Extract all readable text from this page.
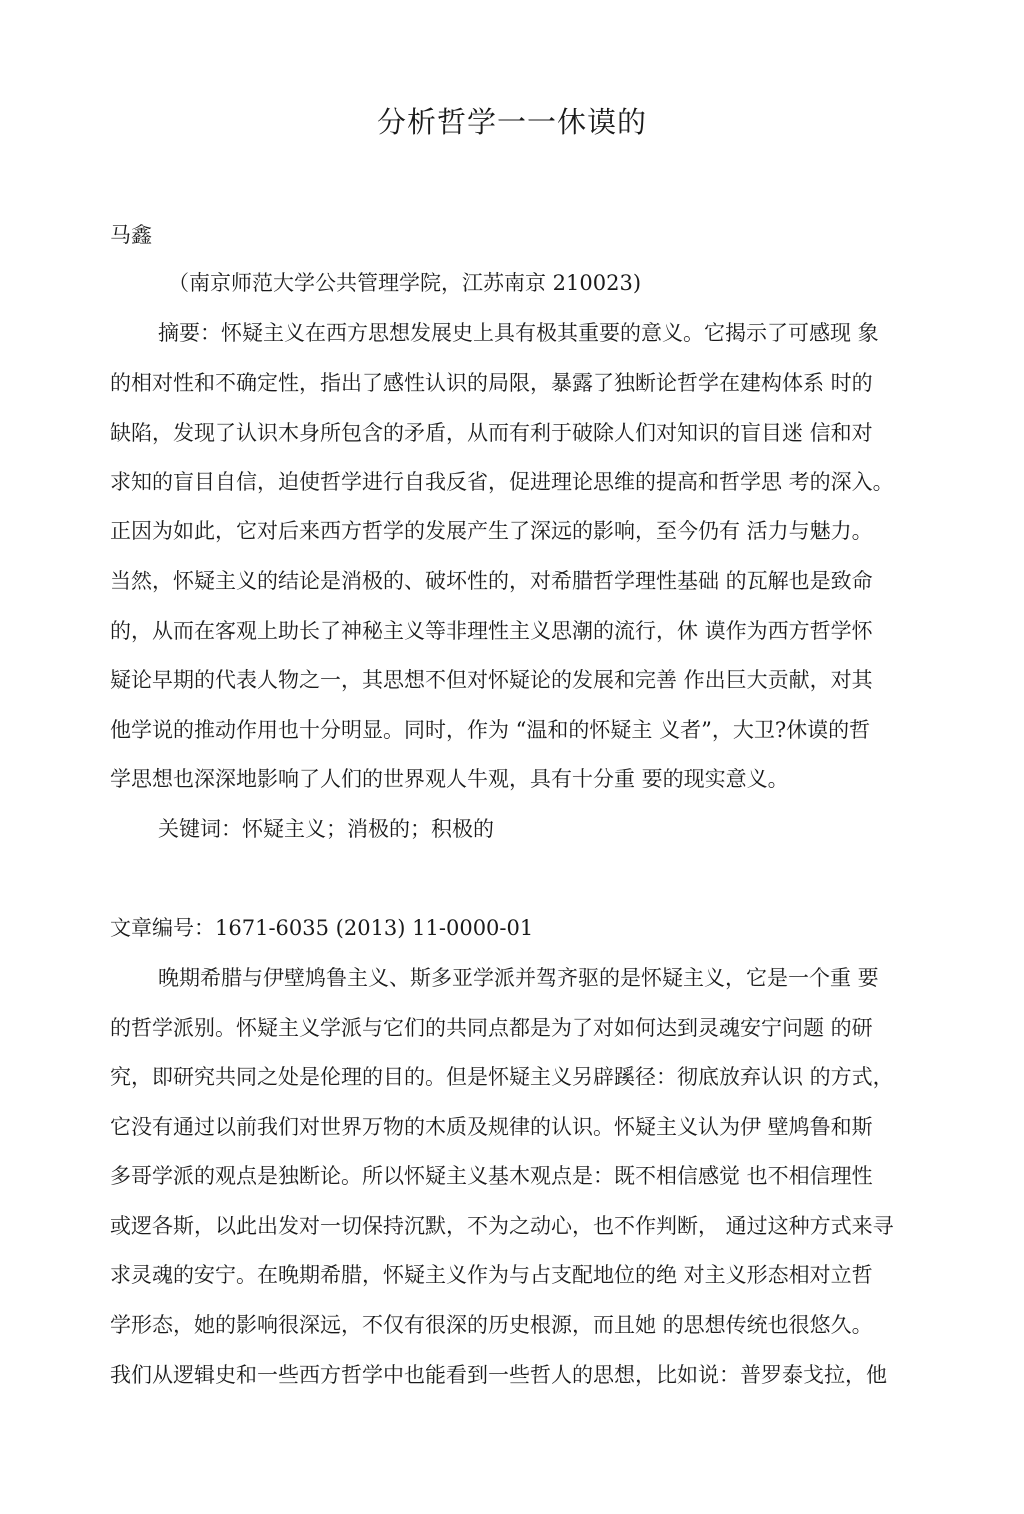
分析哲学一一休谟的
马鑫
（南京师范大学公共管理学院，江苏南京 210023)
摘要：怀疑主义在西方思想发展史上具有极其重要的意义。它揭示了可感现 象
的相对性和不确定性，指出了感性认识的局限，暴露了独断论哲学在建构体系 时的
缺陷，发现了认识木身所包含的矛盾，从而有利于破除人们对知识的盲目迷 信和对
求知的盲目自信，迫使哲学进行自我反省，促进理论思维的提高和哲学思 考的深入。
正因为如此，它对后来西方哲学的发展产生了深远的影响，至今仍有 活力与魅力。
当然，怀疑主义的结论是消极的、破坏性的，对希腊哲学理性基础 的瓦解也是致命
的，从而在客观上助长了神秘主义等非理性主义思潮的流行，休 谟作为西方哲学怀
疑论早期的代表人物之一，其思想不但对怀疑论的发展和完善 作出巨大贡献，对其
他学说的推动作用也十分明显。同时，作为 “温和的怀疑主 义者”，大卫?休谟的哲
学思想也深深地影响了人们的世界观人牛观，具有十分重 要的现实意义。
关键词：怀疑主义；消极的；积极的
文章编号：1671-6035 (2013) 11-0000-01
晚期希腊与伊壁鸠鲁主义、斯多亚学派并驾齐驱的是怀疑主义，它是一个重 要
的哲学派别。怀疑主义学派与它们的共同点都是为了对如何达到灵魂安宁问题 的研
究，即研究共同之处是伦理的目的。但是怀疑主义另辟蹊径：彻底放弃认识 的方式，
它没有通过以前我们对世界万物的木质及规律的认识。怀疑主义认为伊 壁鸠鲁和斯
多哥学派的观点是独断论。所以怀疑主义基木观点是：既不相信感觉 也不相信理性
或逻各斯，以此出发对一切保持沉默，不为之动心，也不作判断， 通过这种方式来寻
求灵魂的安宁。在晚期希腊，怀疑主义作为与占支配地位的绝 对主义形态相对立哲
学形态，她的影响很深远，不仅有很深的历史根源，而且她 的思想传统也很悠久。
我们从逻辑史和一些西方哲学中也能看到一些哲人的思想，比如说：普罗泰戈拉，他
